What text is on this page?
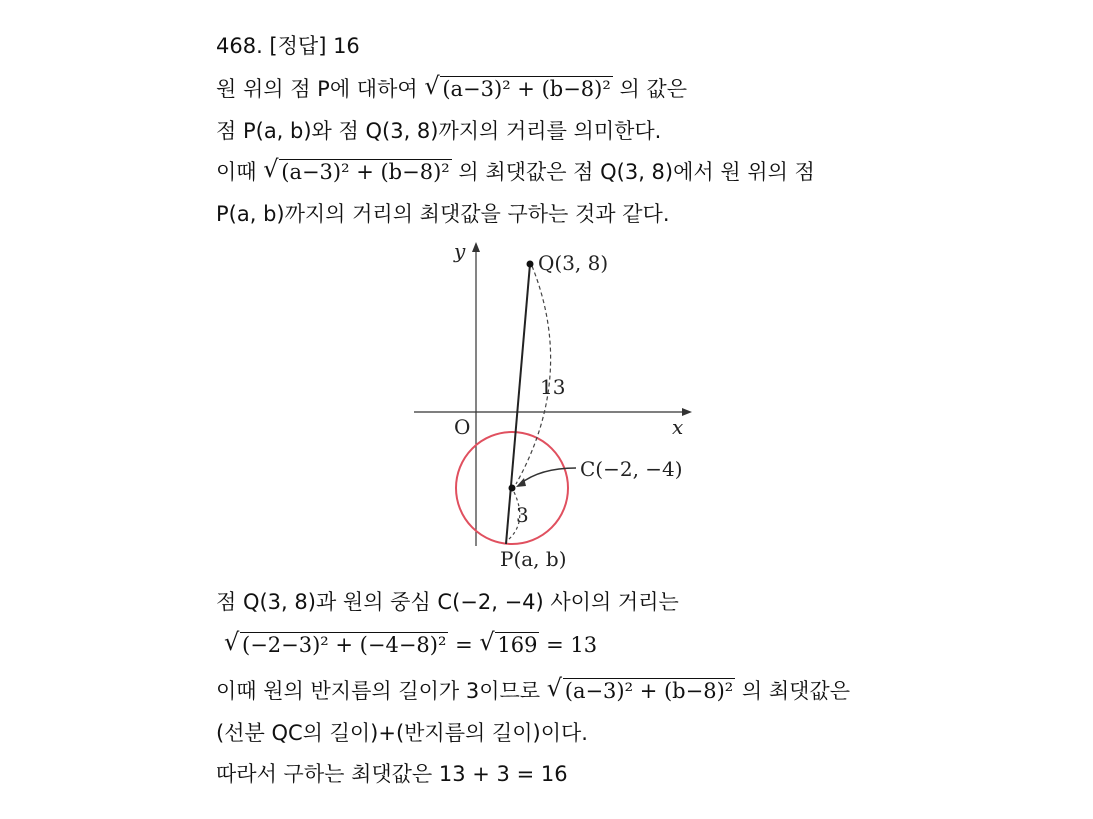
468. [정답] 16
원 위의 점 P에 대하여 √ (a−3)² + (b−8)² 의 값은
점 P(a, b)와 점 Q(3, 8)까지의 거리를 의미한다.
이때 √ (a−3)² + (b−8)² 의 최댓값은 점 Q(3, 8)에서 원 위의 점
P(a, b)까지의 거리의 최댓값을 구하는 것과 같다.
y
x
O
Q(3, 8)
C(−2, −4)
P(a, b)
13
3
점 Q(3, 8)과 원의 중심 C(−2, −4) 사이의 거리는
√ (−2−3)² + (−4−8)² = √ 169 = 13
이때 원의 반지름의 길이가 3이므로 √ (a−3)² + (b−8)² 의 최댓값은
(선분 QC의 길이)+(반지름의 길이)이다.
따라서 구하는 최댓값은 13 + 3 = 16
